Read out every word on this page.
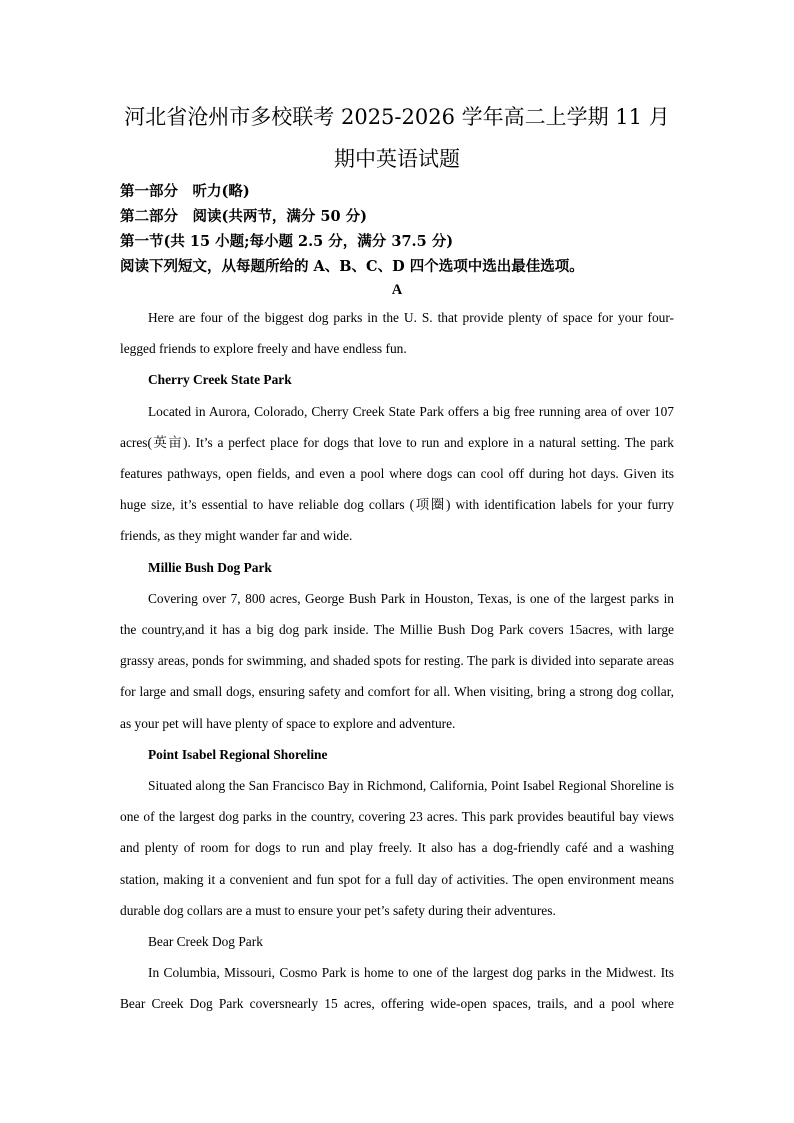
河北省沧州市多校联考 2025-2026 学年高二上学期 11 月
期中英语试题
第一部分　听力(略)
第二部分　阅读(共两节，满分 50 分)
第一节(共 15 小题;每小题 2.5 分，满分 37.5 分)
阅读下列短文，从每题所给的 A、B、C、D 四个选项中选出最佳选项。
A

Here are four of the biggest dog parks in the U. S. that provide plenty of space for your four-legged friends to explore freely and have endless fun.

Cherry Creek State Park

Located in Aurora, Colorado, Cherry Creek State Park offers a big free running area of over 107 acres(英亩). It’s a perfect place for dogs that love to run and explore in a natural setting. The park features pathways, open fields, and even a pool where dogs can cool off during hot days. Given its huge size, it’s essential to have reliable dog collars (项圈) with identification labels for your furry friends, as they might wander far and wide.

Millie Bush Dog Park

Covering over 7, 800 acres, George Bush Park in Houston, Texas, is one of the largest parks in the country,and it has a big dog park inside. The Millie Bush Dog Park covers 15acres, with large grassy areas, ponds for swimming, and shaded spots for resting. The park is divided into separate areas for large and small dogs, ensuring safety and comfort for all. When visiting, bring a strong dog collar, as your pet will have plenty of space to explore and adventure.

Point Isabel Regional Shoreline

Situated along the San Francisco Bay in Richmond, California, Point Isabel Regional Shoreline is one of the largest dog parks in the country, covering 23 acres. This park provides beautiful bay views and plenty of room for dogs to run and play freely. It also has a dog-friendly café and a washing station, making it a convenient and fun spot for a full day of activities. The open environment means durable dog collars are a must to ensure your pet’s safety during their adventures.

Bear Creek Dog Park

In Columbia, Missouri, Cosmo Park is home to one of the largest dog parks in the Midwest. Its Bear Creek Dog Park coversnearly 15 acres, offering wide-open spaces, trails, and a pool where
